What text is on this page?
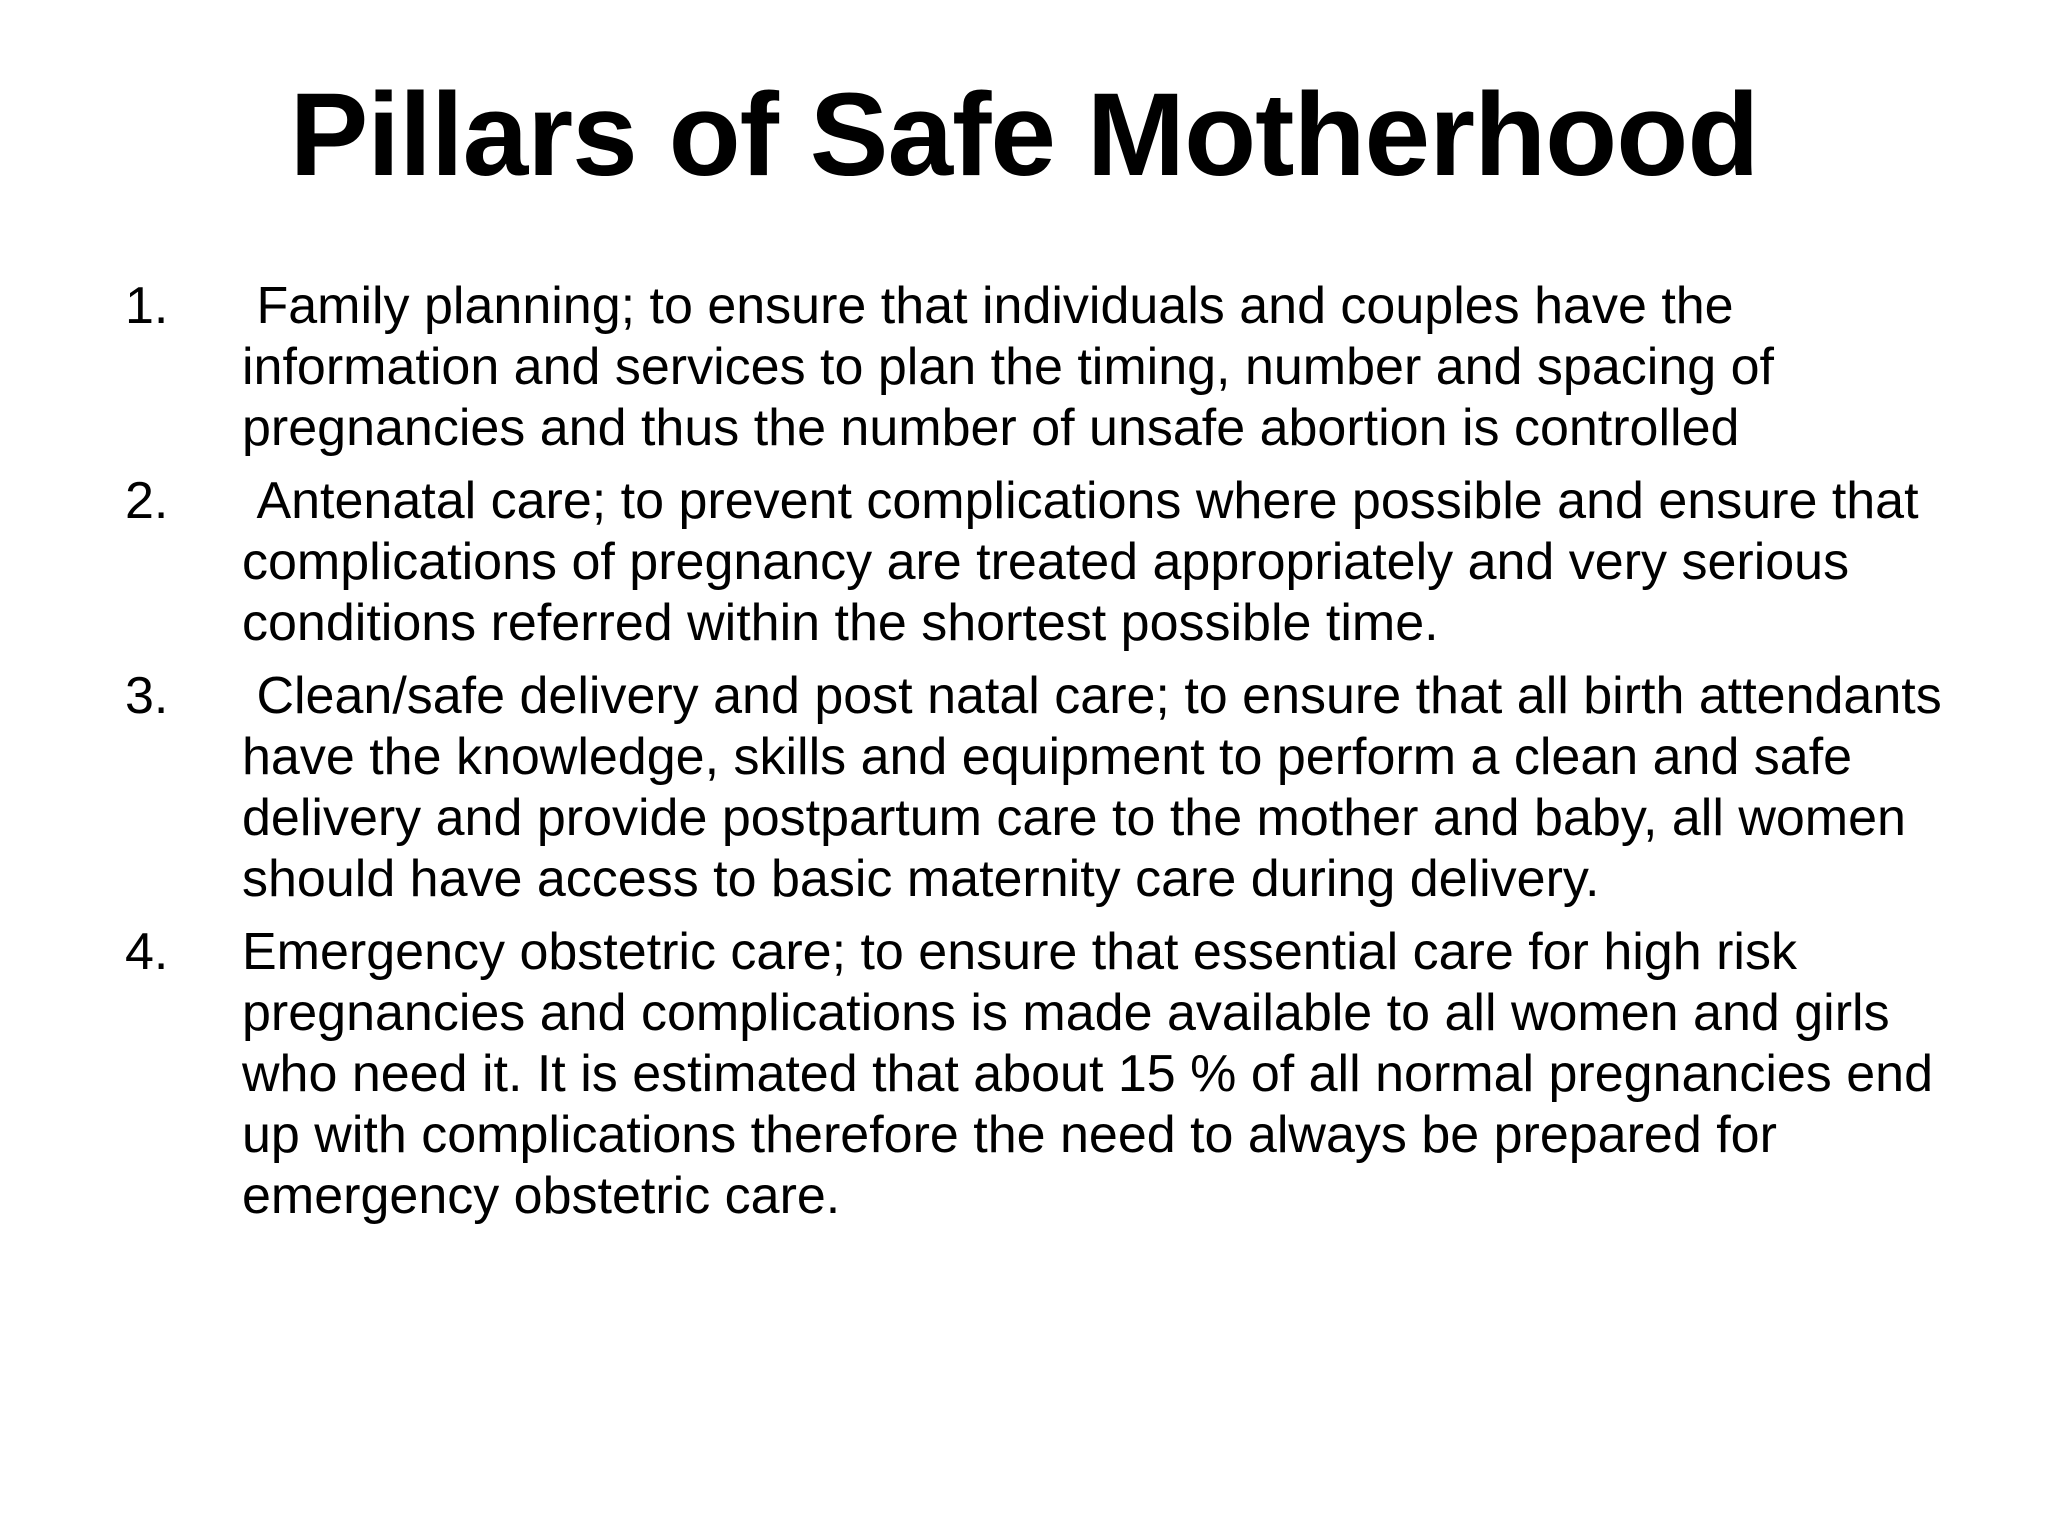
Pillars of Safe Motherhood
1.	Family planning; to ensure that individuals and couples have the information and services to plan the timing, number and spacing of pregnancies and thus the number of unsafe abortion is controlled
2.	Antenatal care; to prevent complications where possible and ensure that complications of pregnancy are treated appropriately and very serious conditions referred within the shortest possible time.
3.	Clean/safe delivery and post natal care; to ensure that all birth attendants have the knowledge, skills and equipment to perform a clean and safe delivery and provide postpartum care to the mother and baby, all women should have access to basic maternity care during delivery.
4.	Emergency obstetric care; to ensure that essential care for high risk pregnancies and complications is made available to all women and girls who need it. It is estimated that about 15 % of all normal pregnancies end up with complications therefore the need to always be prepared for emergency obstetric care.
